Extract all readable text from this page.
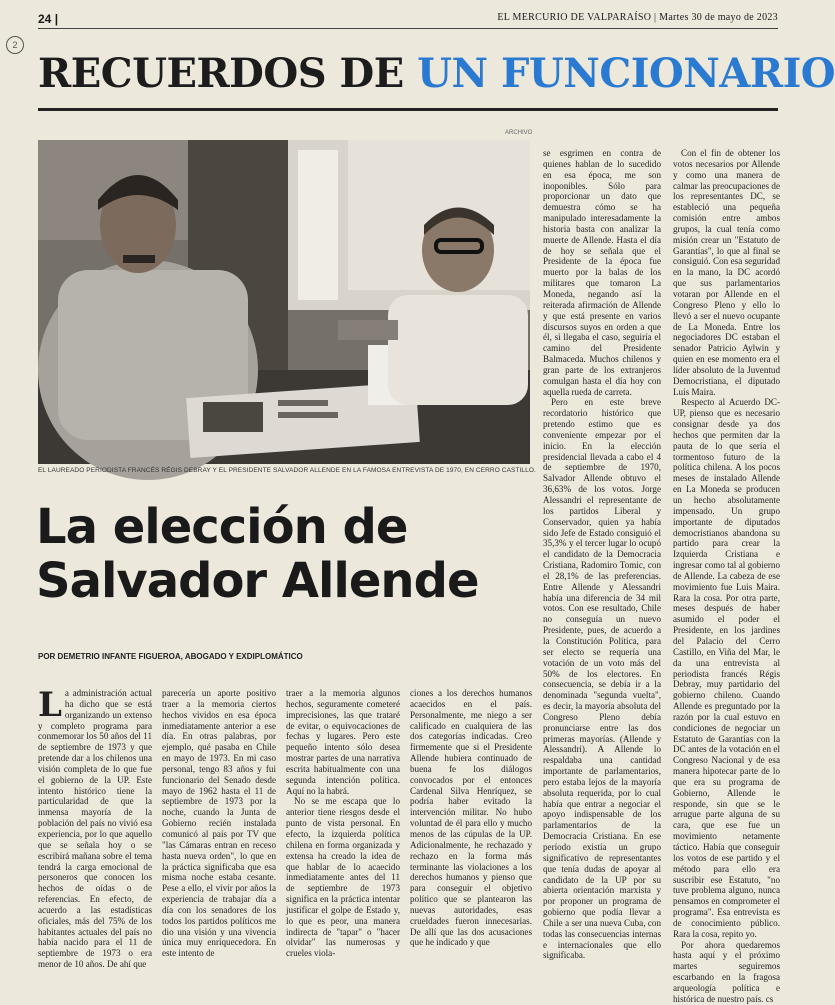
2
24 |	EL MERCURIO DE VALPARAÍSO | Martes 30 de mayo de 2023
RECUERDOS DE UN FUNCIONARIO
ARCHIVO
EL LAUREADO PERIODISTA FRANCÉS RÉGIS DEBRAY Y EL PRESIDENTE SALVADOR ALLENDE EN LA FAMOSA ENTREVISTA DE 1970, EN CERRO CASTILLO.
La elección de
Salvador Allende
POR DEMETRIO INFANTE FIGUEROA, ABOGADO Y EXDIPLOMÁTICO

La administración actual ha dicho que se está organizando un extenso y completo programa para conmemorar los 50 años del 11 de septiembre de 1973 y que pretende dar a los chilenos una visión completa de lo que fue el gobierno de la UP. Este intento histórico tiene la particularidad de que la inmensa mayoría de la población del país no vivió esa experiencia, por lo que aquello que se señala hoy o se escribirá mañana sobre el tema tendrá la carga emocional de personeros que conocen los hechos de oídas o de referencias. En efecto, de acuerdo a las estadísticas oficiales, más del 75% de los habitantes actuales del país no había nacido para el 11 de septiembre de 1973 o era menor de 10 años. De ahí que

parecería un aporte positivo traer a la memoria ciertos hechos vividos en esa época inmediatamente anterior a ese día. En otras palabras, por ejemplo, qué pasaba en Chile en mayo de 1973. En mi caso personal, tengo 83 años y fui funcionario del Senado desde mayo de 1962 hasta el 11 de septiembre de 1973 por la noche, cuando la Junta de Gobierno recién instalada comunicó al país por TV que "las Cámaras entran en receso hasta nueva orden", lo que en la práctica significaba que esa misma noche estaba cesante. Pese a ello, el vivir por años la experiencia de trabajar día a día con los senadores de los todos los partidos políticos me dio una visión y una vivencia única muy enriquecedora. En este intento de

traer a la memoria algunos hechos, seguramente cometeré imprecisiones, las que trataré de evitar, o equivocaciones de fechas y lugares. Pero este pequeño intento sólo desea mostrar partes de una narrativa escrita habitualmente con una segunda intención política. Aquí no la habrá.

No se me escapa que lo anterior tiene riesgos desde el punto de vista personal. En efecto, la izquierda política chilena en forma organizada y extensa ha creado la idea de que hablar de lo acaecido inmediatamente antes del 11 de septiembre de 1973 significa en la práctica intentar justificar el golpe de Estado y, lo que es peor, una manera indirecta de "tapar" o "hacer olvidar" las numerosas y crueles viola-

ciones a los derechos humanos acaecidos en el país. Personalmente, me niego a ser calificado en cualquiera de las dos categorías indicadas. Creo firmemente que si el Presidente Allende hubiera continuado de buena fe los diálogos convocados por el entonces Cardenal Silva Henríquez, se podría haber evitado la intervención militar. No hubo voluntad de él para ello y mucho menos de las cúpulas de la UP. Adicionalmente, he rechazado y rechazo en la forma más terminante las violaciones a los derechos humanos y pienso que para conseguir el objetivo político que se plantearon las nuevas autoridades, esas crueldades fueron innecesarias. De allí que las dos acusaciones que he indicado y que

se esgrimen en contra de quienes hablan de lo sucedido en esa época, me son inoponibles. Sólo para proporcionar un dato que demuestra cómo se ha manipulado interesadamente la historia basta con analizar la muerte de Allende. Hasta el día de hoy se señala que el Presidente de la época fue muerto por la balas de los militares que tomaron La Moneda, negando así la reiterada afirmación de Allende y que está presente en varios discursos suyos en orden a que él, si llegaba el caso, seguiría el camino del Presidente Balmaceda. Muchos chilenos y gran parte de los extranjeros comulgan hasta el día hoy con aquella rueda de carreta.

Pero en este breve recordatorio histórico que pretendo estimo que es conveniente empezar por el inicio. En la elección presidencial llevada a cabo el 4 de septiembre de 1970, Salvador Allende obtuvo el 36,63% de los votos. Jorge Alessandri el representante de los partidos Liberal y Conservador, quien ya había sido Jefe de Estado consiguió el 35,3% y el tercer lugar lo ocupó el candidato de la Democracia Cristiana, Radomiro Tomic, con el 28,1% de las preferencias. Entre Allende y Alessandri había una diferencia de 34 mil votos. Con ese resultado, Chile no conseguía un nuevo Presidente, pues, de acuerdo a la Constitución Política, para ser electo se requería una votación de un voto más del 50% de los electores. En consecuencia, se debía ir a la denominada "segunda vuelta", es decir, la mayoría absoluta del Congreso Pleno debía pronunciarse entre las dos primeras mayorías. (Allende y Alessandri). A Allende lo respaldaba una cantidad importante de parlamentarios, pero estaba lejos de la mayoría absoluta requerida, por lo cual había que entrar a negociar el apoyo indispensable de los parlamentarios de la Democracia Cristiana. En ese período existía un grupo significativo de representantes que tenía dudas de apoyar al candidato de la UP por su abierta orientación marxista y por proponer un programa de gobierno que podía llevar a Chile a ser una nueva Cuba, con todas las consecuencias internas e internacionales que ello significaba.

Con el fin de obtener los votos necesarios por Allende y como una manera de calmar las preocupaciones de los representantes DC, se estableció una pequeña comisión entre ambos grupos, la cual tenía como misión crear un "Estatuto de Garantías", lo que al final se consiguió. Con esa seguridad en la mano, la DC acordó que sus parlamentarios votaran por Allende en el Congreso Pleno y ello lo llevó a ser el nuevo ocupante de La Moneda. Entre los negociadores DC estaban el senador Patricio Aylwin y quien en ese momento era el líder absoluto de la Juventud Democristiana, el diputado Luis Maira.

Respecto al Acuerdo DC-UP, pienso que es necesario consignar desde ya dos hechos que permiten dar la pauta de lo que sería el tormentoso futuro de la política chilena. A los pocos meses de instalado Allende en La Moneda se producen un hecho absolutamente impensado. Un grupo importante de diputados democristianos abandona su partido para crear la Izquierda Cristiana e ingresar como tal al gobierno de Allende. La cabeza de ese movimiento fue Luis Maira. Rara la cosa. Por otra parte, meses después de haber asumido el poder el Presidente, en los jardines del Palacio del Cerro Castillo, en Viña del Mar, le da una entrevista al periodista francés Régis Debray, muy partidario del gobierno chileno. Cuando Allende es preguntado por la razón por la cual estuvo en condiciones de negociar un Estatuto de Garantías con la DC antes de la votación en el Congreso Nacional y de esa manera hipotecar parte de lo que era su programa de Gobierno, Allende le responde, sin que se le arrugue parte alguna de su cara, que ese fue un movimiento netamente táctico. Había que conseguir los votos de ese partido y el método para ello era suscribir ese Estatuto, "no tuve problema alguno, nunca pensamos en comprometer el programa". Esa entrevista es de conocimiento público. Rara la cosa, repito yo.

Por ahora quedaremos hasta aquí y el próximo martes seguiremos escarbando en la fragosa arqueología política e histórica de nuestro país. cs
